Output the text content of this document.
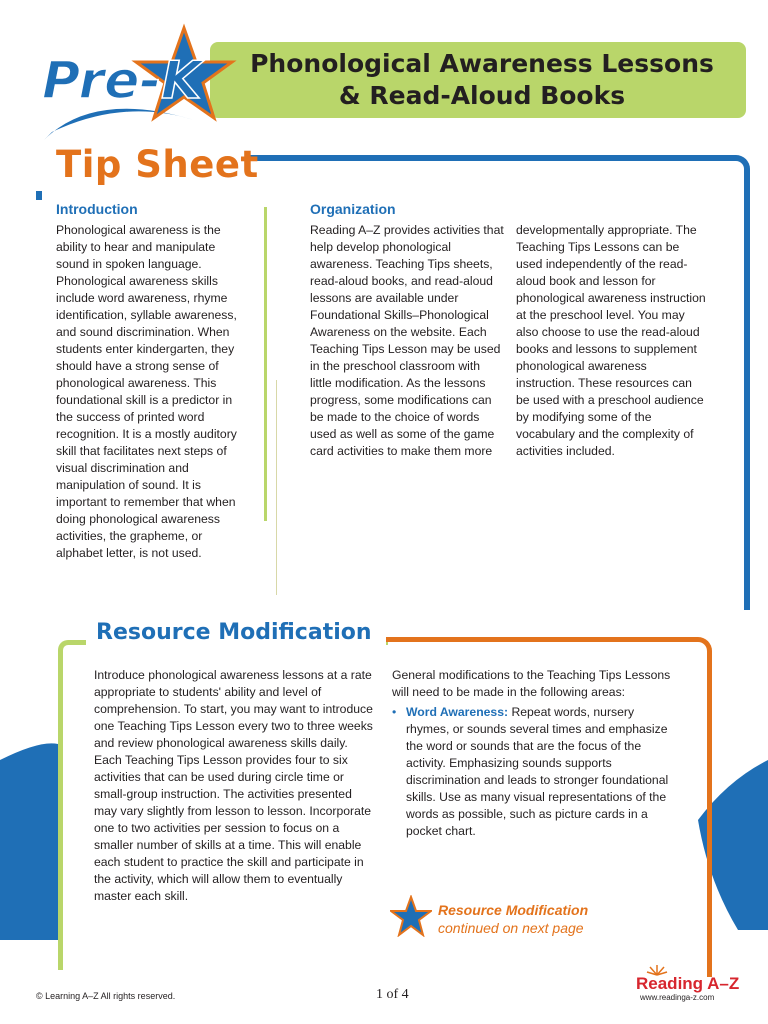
Phonological Awareness Lessons
& Read-Aloud Books
Pre-K
Tip Sheet
Introduction
Phonological awareness is the ability to hear and manipulate sound in spoken language. Phonological awareness skills include word awareness, rhyme identification, syllable awareness, and sound discrimination. When students enter kindergarten, they should have a strong sense of phonological awareness. This foundational skill is a predictor in the success of printed word recognition. It is a mostly auditory skill that facilitates next steps of visual discrimination and manipulation of sound. It is important to remember that when doing phonological awareness activities, the grapheme, or alphabet letter, is not used.
Organization
Reading A–Z provides activities that help develop phonological awareness. Teaching Tips sheets, read-aloud books, and read-aloud lessons are available under Foundational Skills–Phonological Awareness on the website. Each Teaching Tips Lesson may be used in the preschool classroom with little modification. As the lessons progress, some modifications can be made to the choice of words used as well as some of the game card activities to make them more
developmentally appropriate. The Teaching Tips Lessons can be used independently of the read-aloud book and lesson for phonological awareness instruction at the preschool level. You may also choose to use the read-aloud books and lessons to supplement phonological awareness instruction. These resources can be used with a preschool audience by modifying some of the vocabulary and the complexity of activities included.
Resource Modification
Introduce phonological awareness lessons at a rate appropriate to students' ability and level of comprehension. To start, you may want to introduce one Teaching Tips Lesson every two to three weeks and review phonological awareness skills daily. Each Teaching Tips Lesson provides four to six activities that can be used during circle time or small-group instruction. The activities presented may vary slightly from lesson to lesson. Incorporate one to two activities per session to focus on a smaller number of skills at a time. This will enable each student to practice the skill and participate in the activity, which will allow them to eventually master each skill.
General modifications to the Teaching Tips Lessons will need to be made in the following areas:
• Word Awareness: Repeat words, nursery rhymes, or sounds several times and emphasize the word or sounds that are the focus of the activity. Emphasizing sounds supports discrimination and leads to stronger foundational skills. Use as many visual representations of the words as possible, such as picture cards in a pocket chart.
Resource Modification
continued on next page
© Learning A–Z All rights reserved.	1 of 4
Reading A–Z
www.readinga-z.com
